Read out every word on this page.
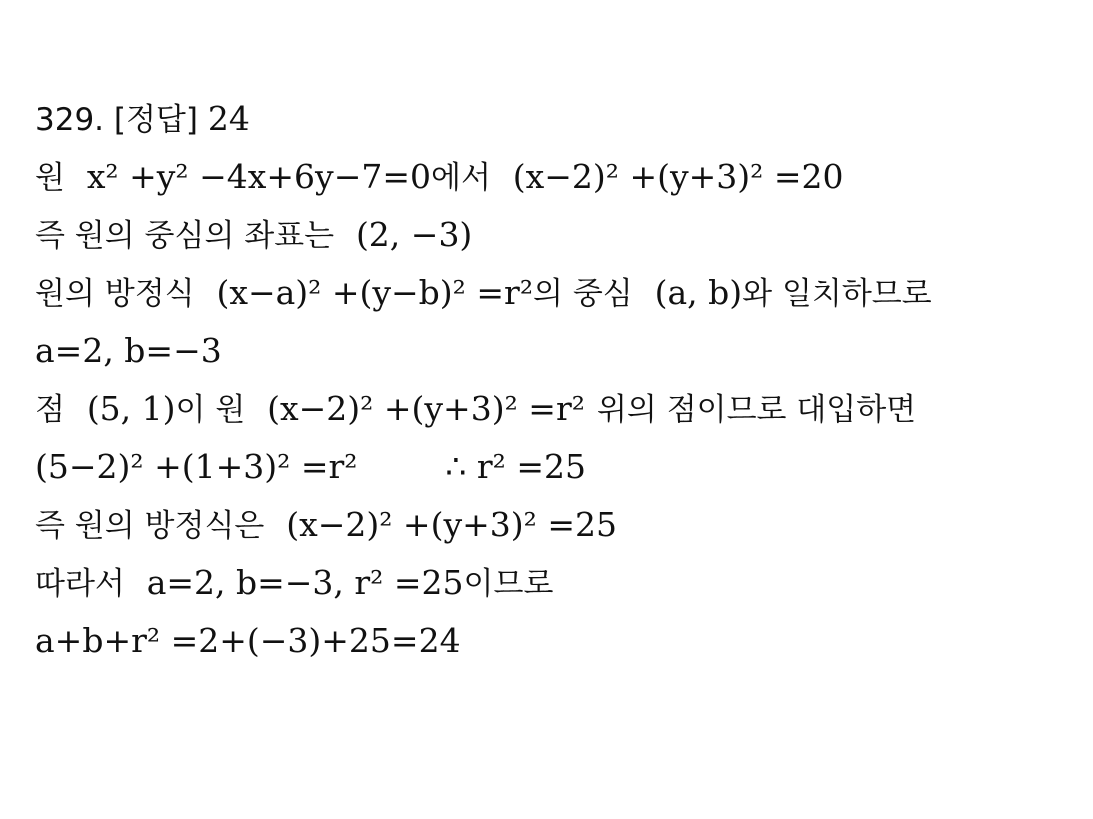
329. [정답] 24
원 x² +y² −4x+6y−7=0에서 (x−2)² +(y+3)² =20
즉 원의 중심의 좌표는 (2, −3)
원의 방정식 (x−a)² +(y−b)² =r²의 중심 (a, b)와 일치하므로
a=2, b=−3
점 (5, 1)이 원 (x−2)² +(y+3)² =r² 위의 점이므로 대입하면
(5−2)² +(1+3)² =r²	∴ r² =25
즉 원의 방정식은 (x−2)² +(y+3)² =25
따라서 a=2, b=−3, r² =25이므로
a+b+r² =2+(−3)+25=24
